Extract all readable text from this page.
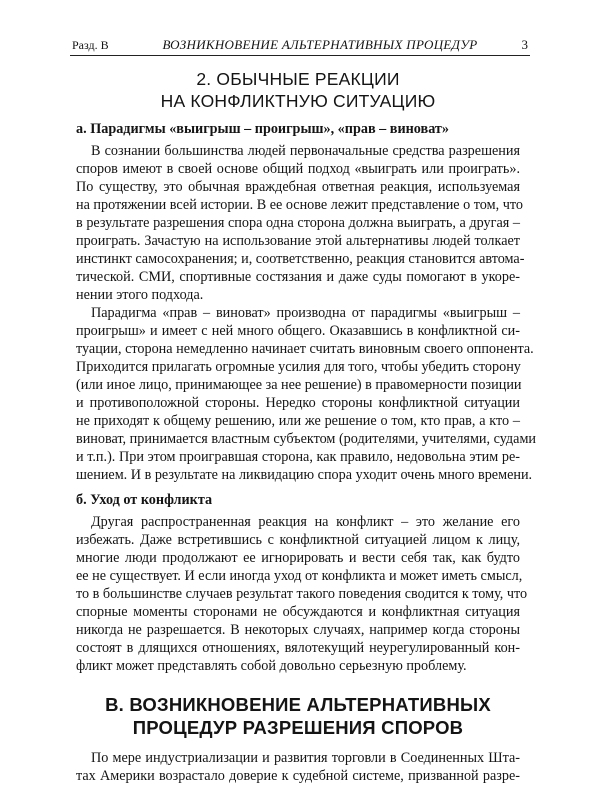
Разд. В	ВОЗНИКНОВЕНИЕ АЛЬТЕРНАТИВНЫХ ПРОЦЕДУР	3
2. ОБЫЧНЫЕ РЕАКЦИИ
НА КОНФЛИКТНУЮ СИТУАЦИЮ
а. Парадигмы «выигрыш – проигрыш», «прав – виноват»
В сознании большинства людей первоначальные средства разрешения
споров имеют в своей основе общий подход «выиграть или проиграть».
По существу, это обычная враждебная ответная реакция, используемая
на протяжении всей истории. В ее основе лежит представление о том, что
в результате разрешения спора одна сторона должна выиграть, а другая –
проиграть. Зачастую на использование этой альтернативы людей толкает
инстинкт самосохранения; и, соответственно, реакция становится автома-
тической. СМИ, спортивные состязания и даже суды помогают в укоре-
нении этого подхода.
Парадигма «прав – виноват» производна от парадигмы «выигрыш –
проигрыш» и имеет с ней много общего. Оказавшись в конфликтной си-
туации, сторона немедленно начинает считать виновным своего оппонента.
Приходится прилагать огромные усилия для того, чтобы убедить сторону
(или иное лицо, принимающее за нее решение) в правомерности позиции
и противоположной стороны. Нередко стороны конфликтной ситуации
не приходят к общему решению, или же решение о том, кто прав, а кто –
виноват, принимается властным субъектом (родителями, учителями, судами
и т.п.). При этом проигравшая сторона, как правило, недовольна этим ре-
шением. И в результате на ликвидацию спора уходит очень много времени.
б. Уход от конфликта
Другая распространенная реакция на конфликт – это желание его
избежать. Даже встретившись с конфликтной ситуацией лицом к лицу,
многие люди продолжают ее игнорировать и вести себя так, как будто
ее не существует. И если иногда уход от конфликта и может иметь смысл,
то в большинстве случаев результат такого поведения сводится к тому, что
спорные моменты сторонами не обсуждаются и конфликтная ситуация
никогда не разрешается. В некоторых случаях, например когда стороны
состоят в длящихся отношениях, вялотекущий неурегулированный кон-
фликт может представлять собой довольно серьезную проблему.
В. ВОЗНИКНОВЕНИЕ АЛЬТЕРНАТИВНЫХ
ПРОЦЕДУР РАЗРЕШЕНИЯ СПОРОВ
По мере индустриализации и развития торговли в Соединенных Шта-
тах Америки возрастало доверие к судебной системе, призванной разре-
